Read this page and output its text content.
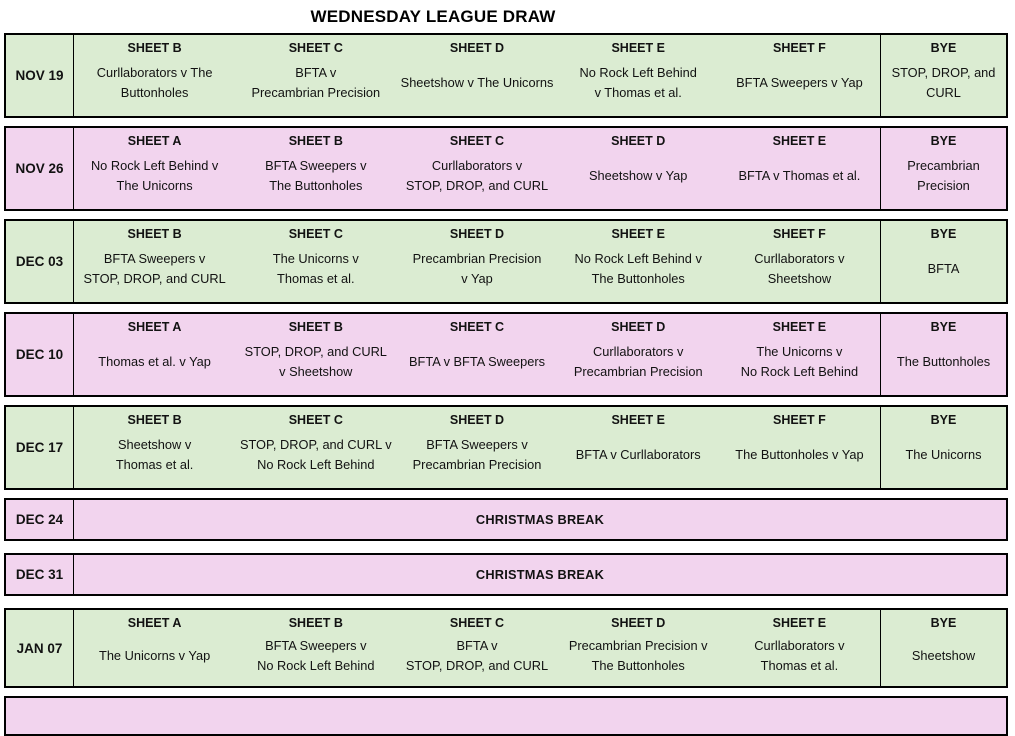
WEDNESDAY LEAGUE DRAW
NOV 19
SHEET B
Curllaborators v The
Buttonholes
SHEET C
BFTA v
Precambrian Precision
SHEET D
Sheetshow v The Unicorns
SHEET E
No Rock Left Behind
v Thomas et al.
SHEET F
BFTA Sweepers v Yap
BYE
STOP, DROP, and
CURL
NOV 26
SHEET A
No Rock Left Behind v
The Unicorns
SHEET B
BFTA Sweepers v
The Buttonholes
SHEET C
Curllaborators v
STOP, DROP, and CURL
SHEET D
Sheetshow v Yap
SHEET E
BFTA v Thomas et al.
BYE
Precambrian
Precision
DEC 03
SHEET B
BFTA Sweepers v
STOP, DROP, and CURL
SHEET C
The Unicorns v
Thomas et al.
SHEET D
Precambrian Precision
v Yap
SHEET E
No Rock Left Behind v
The Buttonholes
SHEET F
Curllaborators v
Sheetshow
BYE
BFTA
DEC 10
SHEET A
Thomas et al. v Yap
SHEET B
STOP, DROP, and CURL
v Sheetshow
SHEET C
BFTA v BFTA Sweepers
SHEET D
Curllaborators v
Precambrian Precision
SHEET E
The Unicorns v
No Rock Left Behind
BYE
The Buttonholes
DEC 17
SHEET B
Sheetshow v
Thomas et al.
SHEET C
STOP, DROP, and CURL v
No Rock Left Behind
SHEET D
BFTA Sweepers v
Precambrian Precision
SHEET E
BFTA v Curllaborators
SHEET F
The Buttonholes v Yap
BYE
The Unicorns
DEC 24	CHRISTMAS BREAK
DEC 31	CHRISTMAS BREAK
JAN 07
SHEET A
The Unicorns v Yap
SHEET B
BFTA Sweepers v
No Rock Left Behind
SHEET C
BFTA v
STOP, DROP, and CURL
SHEET D
Precambrian Precision v
The Buttonholes
SHEET E
Curllaborators v
Thomas et al.
BYE
Sheetshow
